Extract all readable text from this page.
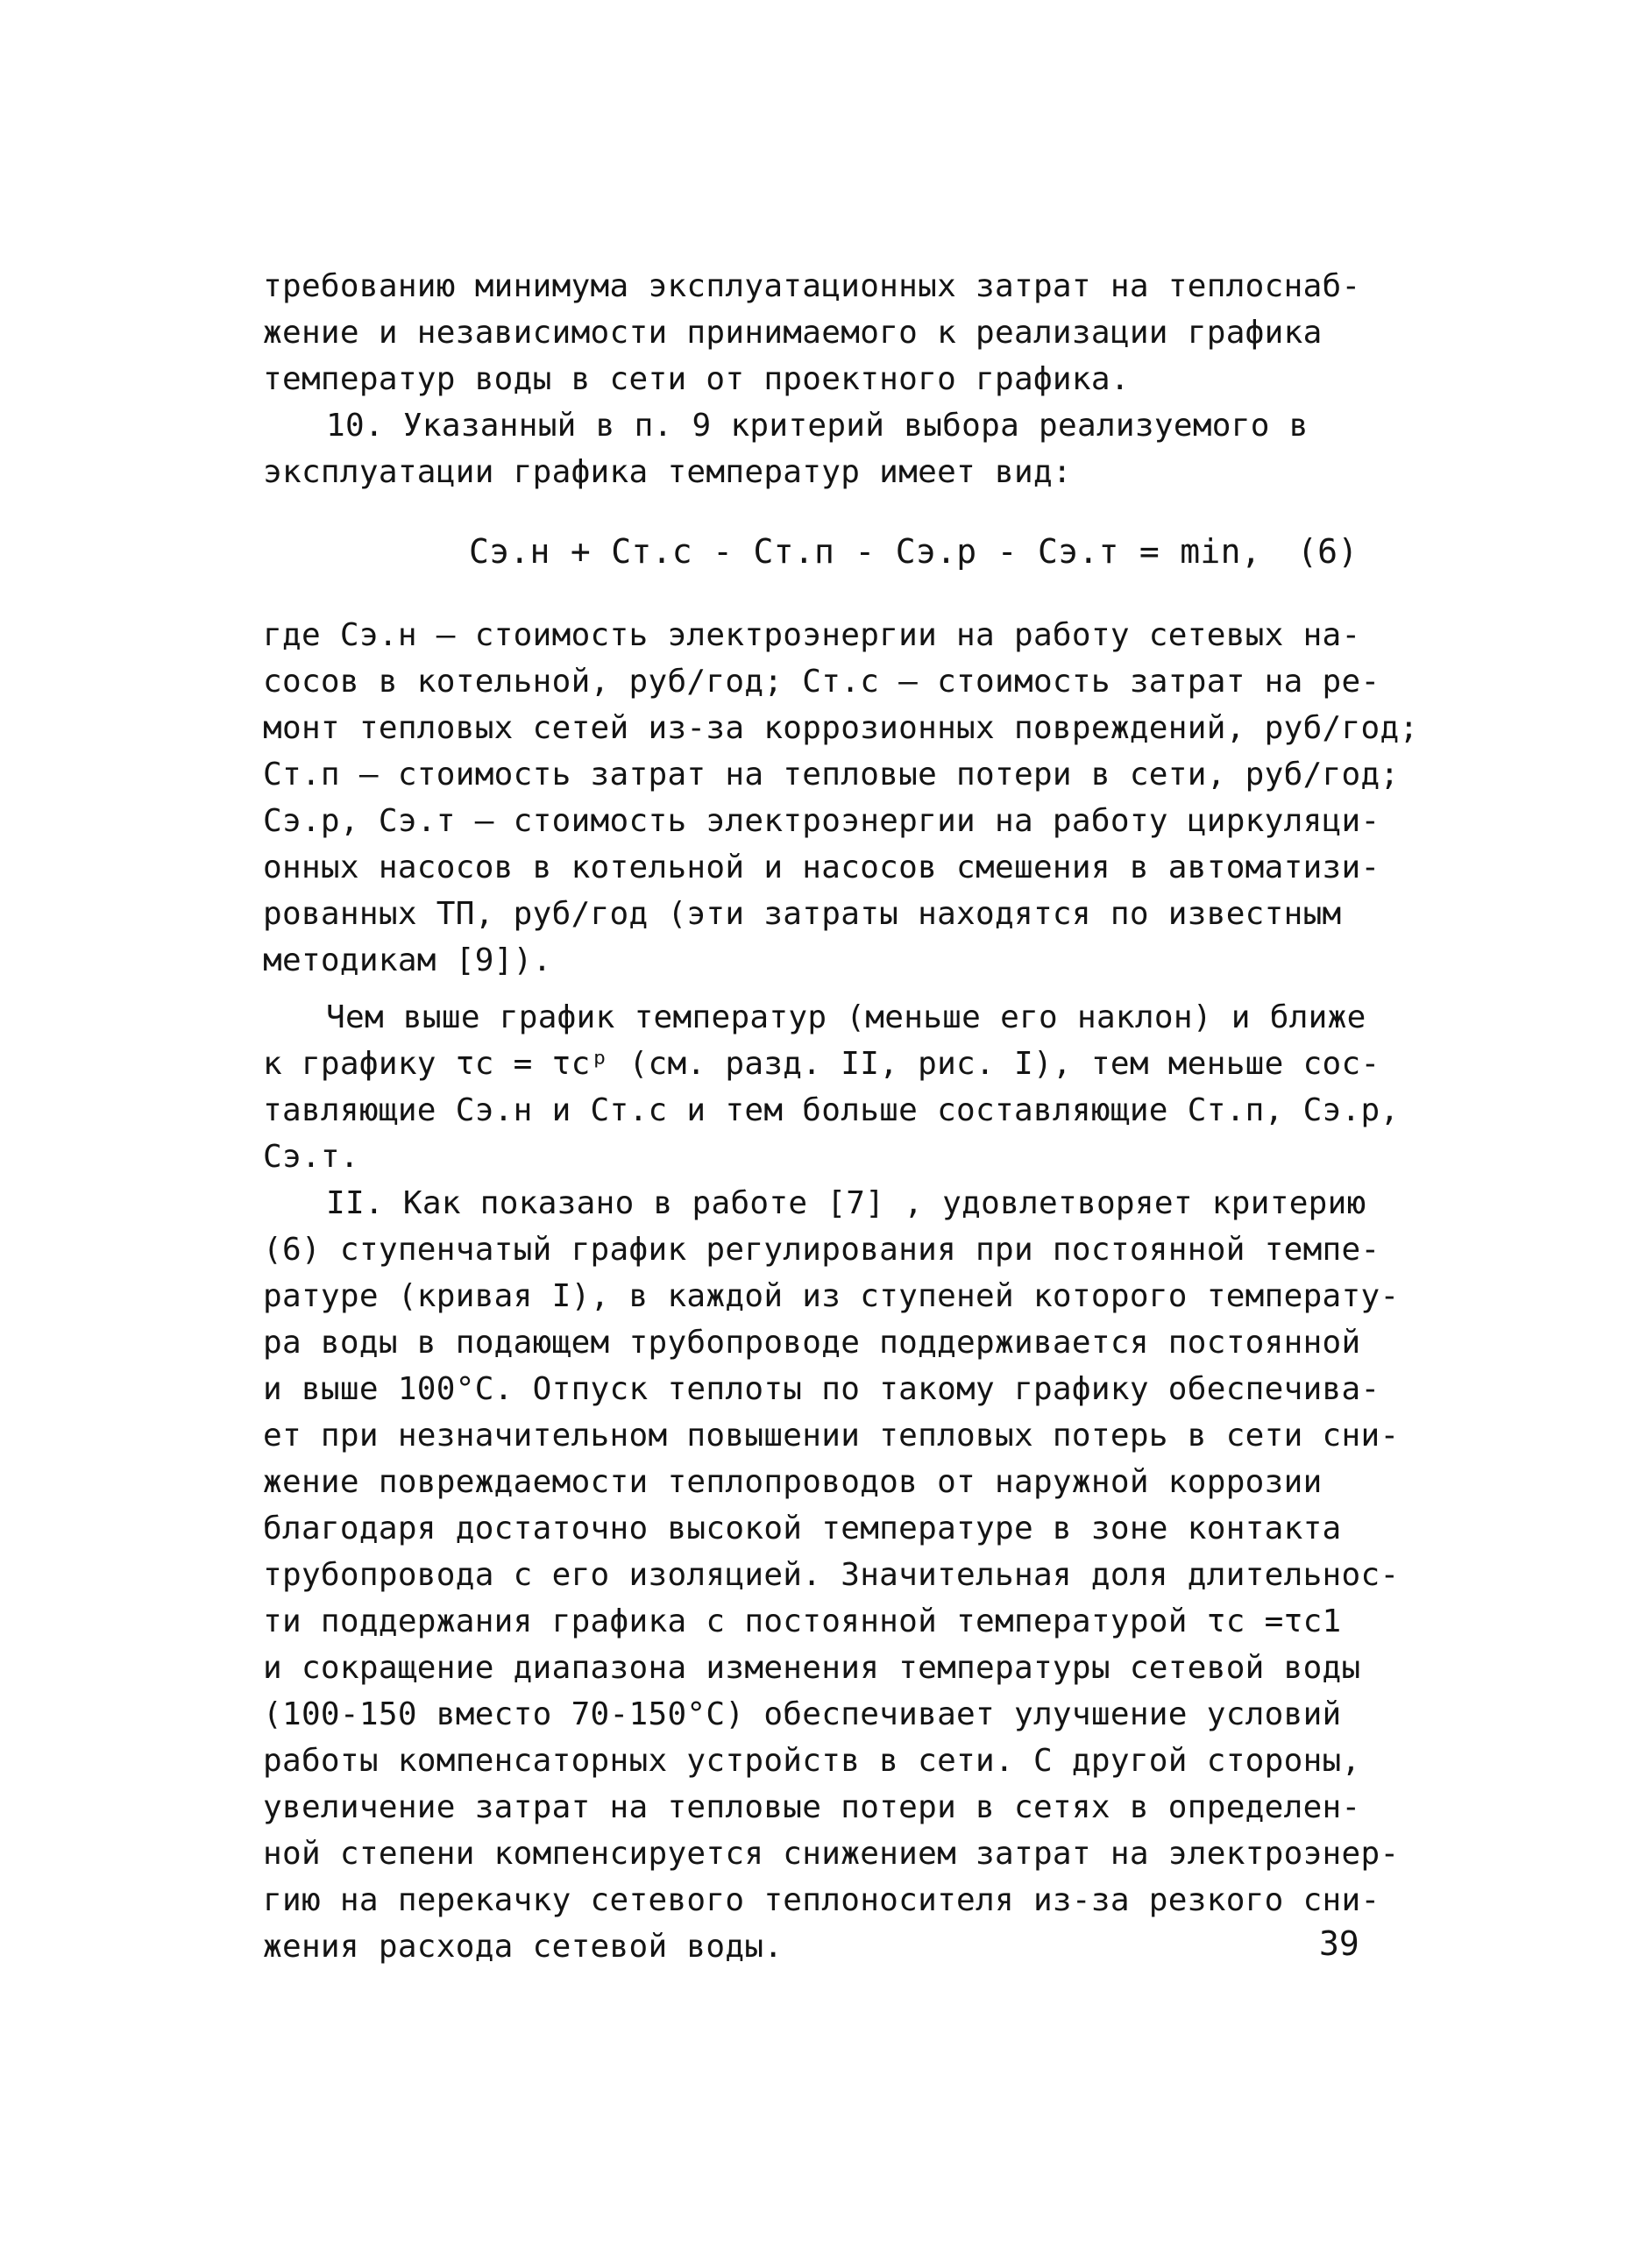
требованию минимума эксплуатационных затрат на теплоснаб-
жение и независимости принимаемого к реализации графика
температур воды в сети от проектного графика.
10. Указанный в п. 9 критерий выбора реализуемого в
эксплуатации графика температур имеет вид:
Cэ.н + Cт.с - Cт.п - Cэ.р - Cэ.т = min, (6)
где Cэ.н – стоимость электроэнергии на работу сетевых на-
сосов в котельной, руб/год; Cт.с – стоимость затрат на ре-
монт тепловых сетей из-за коррозионных повреждений, руб/год;
Cт.п – стоимость затрат на тепловые потери в сети, руб/год;
Cэ.р, Cэ.т – стоимость электроэнергии на работу циркуляци-
онных насосов в котельной и насосов смешения в автоматизи-
рованных ТП, руб/год (эти затраты находятся по известным
методикам [9]).
Чем выше график температур (меньше его наклон) и ближе
к графику τс = τсᵖ (см. разд. II, рис. I), тем меньше сос-
тавляющие Cэ.н и Cт.с и тем больше составляющие Cт.п, Cэ.р,
Cэ.т.
II. Как показано в работе [7] , удовлетворяет критерию
(6) ступенчатый график регулирования при постоянной темпе-
ратуре (кривая I), в каждой из ступеней которого температу-
ра воды в подающем трубопроводе поддерживается постоянной
и выше 100°С. Отпуск теплоты по такому графику обеспечива-
ет при незначительном повышении тепловых потерь в сети сни-
жение повреждаемости теплопроводов от наружной коррозии
благодаря достаточно высокой температуре в зоне контакта
трубопровода с его изоляцией. Значительная доля длительнос-
ти поддержания графика с постоянной температурой τс =τс1
и сокращение диапазона изменения температуры сетевой воды
(100-150 вместо 70-150°С) обеспечивает улучшение условий
работы компенсаторных устройств в сети. С другой стороны,
увеличение затрат на тепловые потери в сетях в определен-
ной степени компенсируется снижением затрат на электроэнер-
гию на перекачку сетевого теплоносителя из-за резкого сни-
жения расхода сетевой воды.	39
